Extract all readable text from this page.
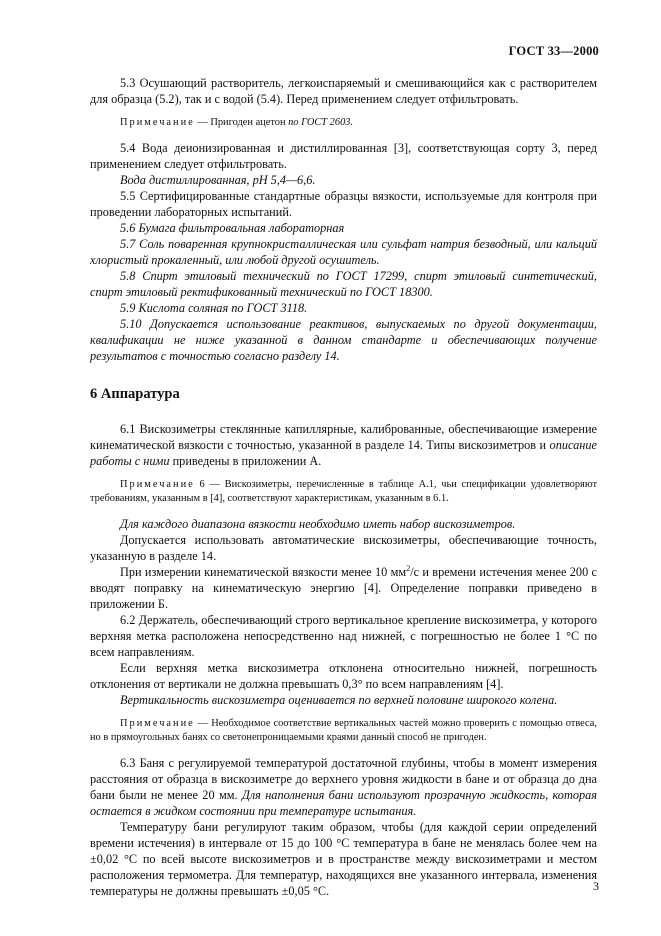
ГОСТ 33—2000

5.3 Осушающий растворитель, легкоиспаряемый и смешивающийся как с растворителем для образца (5.2), так и с водой (5.4). Перед применением следует отфильтровать.

Примечание — Пригоден ацетон по ГОСТ 2603.

5.4 Вода деионизированная и дистиллированная [3], соответствующая сорту 3, перед применением следует отфильтровать.

Вода дистиллированная, рН 5,4—6,6.

5.5 Сертифицированные стандартные образцы вязкости, используемые для контроля при проведении лабораторных испытаний.

5.6 Бумага фильтровальная лабораторная

5.7 Соль поваренная крупнокристаллическая или сульфат натрия безводный, или кальций хлористый прокаленный, или любой другой осушитель.

5.8 Спирт этиловый технический по ГОСТ 17299, спирт этиловый синтетический, спирт этиловый ректификованный технический по ГОСТ 18300.

5.9 Кислота соляная по ГОСТ 3118.

5.10 Допускается использование реактивов, выпускаемых по другой документации, квалификации не ниже указанной в данном стандарте и обеспечивающих получение результатов с точностью согласно разделу 14.

6 Аппаратура

6.1 Вискозиметры стеклянные капиллярные, калиброванные, обеспечивающие измерение кинематической вязкости с точностью, указанной в разделе 14. Типы вискозиметров и описание работы с ними приведены в приложении А.

Примечание 6 — Вискозиметры, перечисленные в таблице А.1, чьи спецификации удовлетворяют требованиям, указанным в [4], соответствуют характеристикам, указанным в 6.1.

Для каждого диапазона вязкости необходимо иметь набор вискозиметров.

Допускается использовать автоматические вискозиметры, обеспечивающие точность, указанную в разделе 14.

При измерении кинематической вязкости менее 10 $мм^2/с$ и времени истечения менее 200 с вводят поправку на кинематическую энергию [4]. Определение поправки приведено в приложении Б.

6.2 Держатель, обеспечивающий строго вертикальное крепление вискозиметра, у которого верхняя метка расположена непосредственно над нижней, с погрешностью не более 1 °С по всем направлениям.

Если верхняя метка вискозиметра отклонена относительно нижней, погрешность отклонения от вертикали не должна превышать 0,3° по всем направлениям [4].

Вертикальность вискозиметра оценивается по верхней половине широкого колена.

Примечание — Необходимое соответствие вертикальных частей можно проверить с помощью отвеса, но в прямоугольных банях со светонепроницаемыми краями данный способ не пригоден.

6.3 Баня с регулируемой температурой достаточной глубины, чтобы в момент измерения расстояния от образца в вискозиметре до верхнего уровня жидкости в бане и от образца до дна бани были не менее 20 мм. Для наполнения бани используют прозрачную жидкость, которая остается в жидком состоянии при температуре испытания.

Температуру бани регулируют таким образом, чтобы (для каждой серии определений времени истечения) в интервале от 15 до 100 °С температура в бане не менялась более чем на ±0,02 °С по всей высоте вискозиметров и в пространстве между вискозиметрами и местом расположения термометра. Для температур, находящихся вне указанного интервала, изменения температуры не должны превышать ±0,05 °С.	3
